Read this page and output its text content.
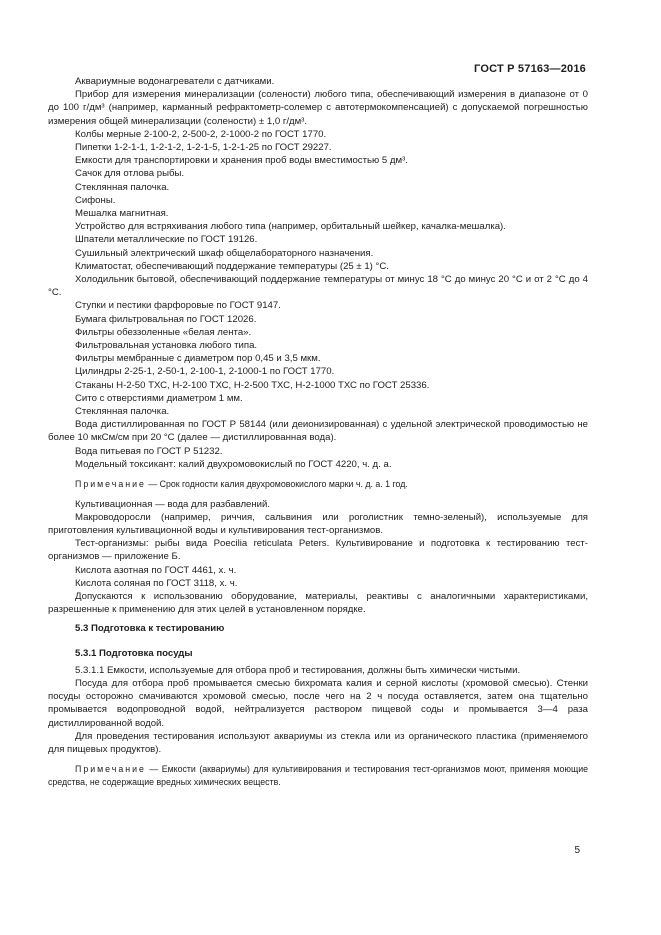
ГОСТ Р 57163—2016

Аквариумные водонагреватели с датчиками.

Прибор для измерения минерализации (солености) любого типа, обеспечивающий измерения в диапазоне от 0 до 100 г/дм³ (например, карманный рефрактометр-солемер с автотермокомпенсацией) с допускаемой погрешностью измерения общей минерализации (солености) ± 1,0 г/дм³.

Колбы мерные 2-100-2, 2-500-2, 2-1000-2 по ГОСТ 1770.

Пипетки 1-2-1-1, 1-2-1-2, 1-2-1-5, 1-2-1-25 по ГОСТ 29227.

Емкости для транспортировки и хранения проб воды вместимостью 5 дм³.

Сачок для отлова рыбы.

Стеклянная палочка.

Сифоны.

Мешалка магнитная.

Устройство для встряхивания любого типа (например, орбитальный шейкер, качалка-мешалка).

Шпатели металлические по ГОСТ 19126.

Сушильный электрический шкаф общелабораторного назначения.

Климатостат, обеспечивающий поддержание температуры (25 ± 1) °С.

Холодильник бытовой, обеспечивающий поддержание температуры от минус 18 °С до минус 20 °С и от 2 °С до 4 °С.

Ступки и пестики фарфоровые по ГОСТ 9147.

Бумага фильтровальная по ГОСТ 12026.

Фильтры обеззоленные «белая лента».

Фильтровальная установка любого типа.

Фильтры мембранные с диаметром пор 0,45 и 3,5 мкм.

Цилиндры 2-25-1, 2-50-1, 2-100-1, 2-1000-1 по ГОСТ 1770.

Стаканы Н-2-50 ТХС, Н-2-100 ТХС, Н-2-500 ТХС, Н-2-1000 ТХС по ГОСТ 25336.

Сито с отверстиями диаметром 1 мм.

Стеклянная палочка.

Вода дистиллированная по ГОСТ Р 58144 (или деионизированная) с удельной электрической проводимостью не более 10 мкСм/см при 20 °С (далее — дистиллированная вода).

Вода питьевая по ГОСТ Р 51232.

Модельный токсикант: калий двухромовокислый по ГОСТ 4220, ч. д. а.

Примечание — Срок годности калия двухромовокислого марки ч. д. а. 1 год.

Культивационная — вода для разбавлений.

Макроводоросли (например, риччия, сальвиния или роголистник темно-зеленый), используемые для приготовления культивационной воды и культивирования тест-организмов.

Тест-организмы: рыбы вида Poecilia reticulata Peters. Культивирование и подготовка к тестированию тест-организмов — приложение Б.

Кислота азотная по ГОСТ 4461, х. ч.

Кислота соляная по ГОСТ 3118, х. ч.

Допускаются к использованию оборудование, материалы, реактивы с аналогичными характеристиками, разрешенные к применению для этих целей в установленном порядке.

5.3 Подготовка к тестированию
5.3.1 Подготовка посуды

5.3.1.1 Емкости, используемые для отбора проб и тестирования, должны быть химически чистыми.

Посуда для отбора проб промывается смесью бихромата калия и серной кислоты (хромовой смесью). Стенки посуды осторожно смачиваются хромовой смесью, после чего на 2 ч посуда оставляется, затем она тщательно промывается водопроводной водой, нейтрализуется раствором пищевой соды и промывается 3—4 раза дистиллированной водой.

Для проведения тестирования используют аквариумы из стекла или из органического пластика (применяемого для пищевых продуктов).

Примечание — Емкости (аквариумы) для культивирования и тестирования тест-организмов моют, применяя моющие средства, не содержащие вредных химических веществ.

5
